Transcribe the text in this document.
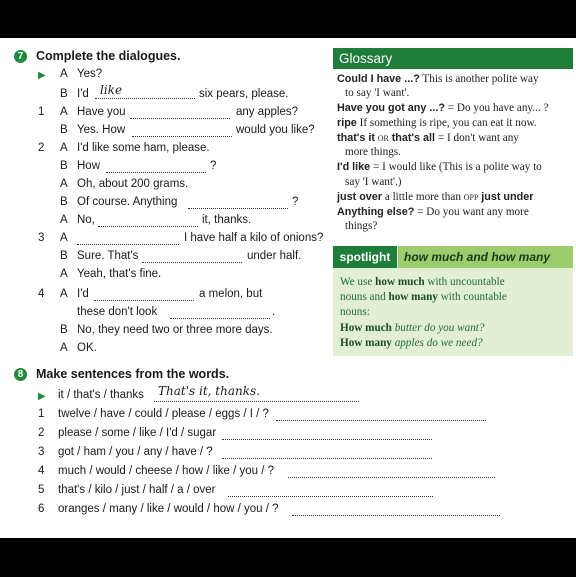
7 Complete the dialogues.
▶ A Yes?
B I'd like	six pears, please.
1 A Have you	any apples?
B Yes. How	would you like?
2 A I'd like some ham, please.
B How	?
A Oh, about 200 grams.
B Of course. Anything	?
A No,	it, thanks.
3 A	I have half a kilo of onions?
B Sure. That's	under half.
A Yeah, that's fine.
4 A I'd	a melon, but
these don't look	.
B No, they need two or three more days.
A OK.
Glossary
Could I have ...? This is another polite way
to say 'I want'.
Have you got any ...? = Do you have any... ?
ripe If something is ripe, you can eat it now.
that's it OR that's all = I don't want any
more things.
I'd like = I would like (This is a polite way to
say 'I want'.)
just over a little more than OPP just under
Anything else? = Do you want any more
things?
spotlight	how much and how many
We use how much with uncountable
nouns and how many with countable
nouns:
How much butter do you want?
How many apples do we need?
8 Make sentences from the words.
▶ it / that's / thanks That's it, thanks.
1 twelve / have / could / please / eggs / I / ?
2 please / some / like / I'd / sugar
3 got / ham / you / any / have / ?
4 much / would / cheese / how / like / you / ?
5 that's / kilo / just / half / a / over
6 oranges / many / like / would / how / you / ?
